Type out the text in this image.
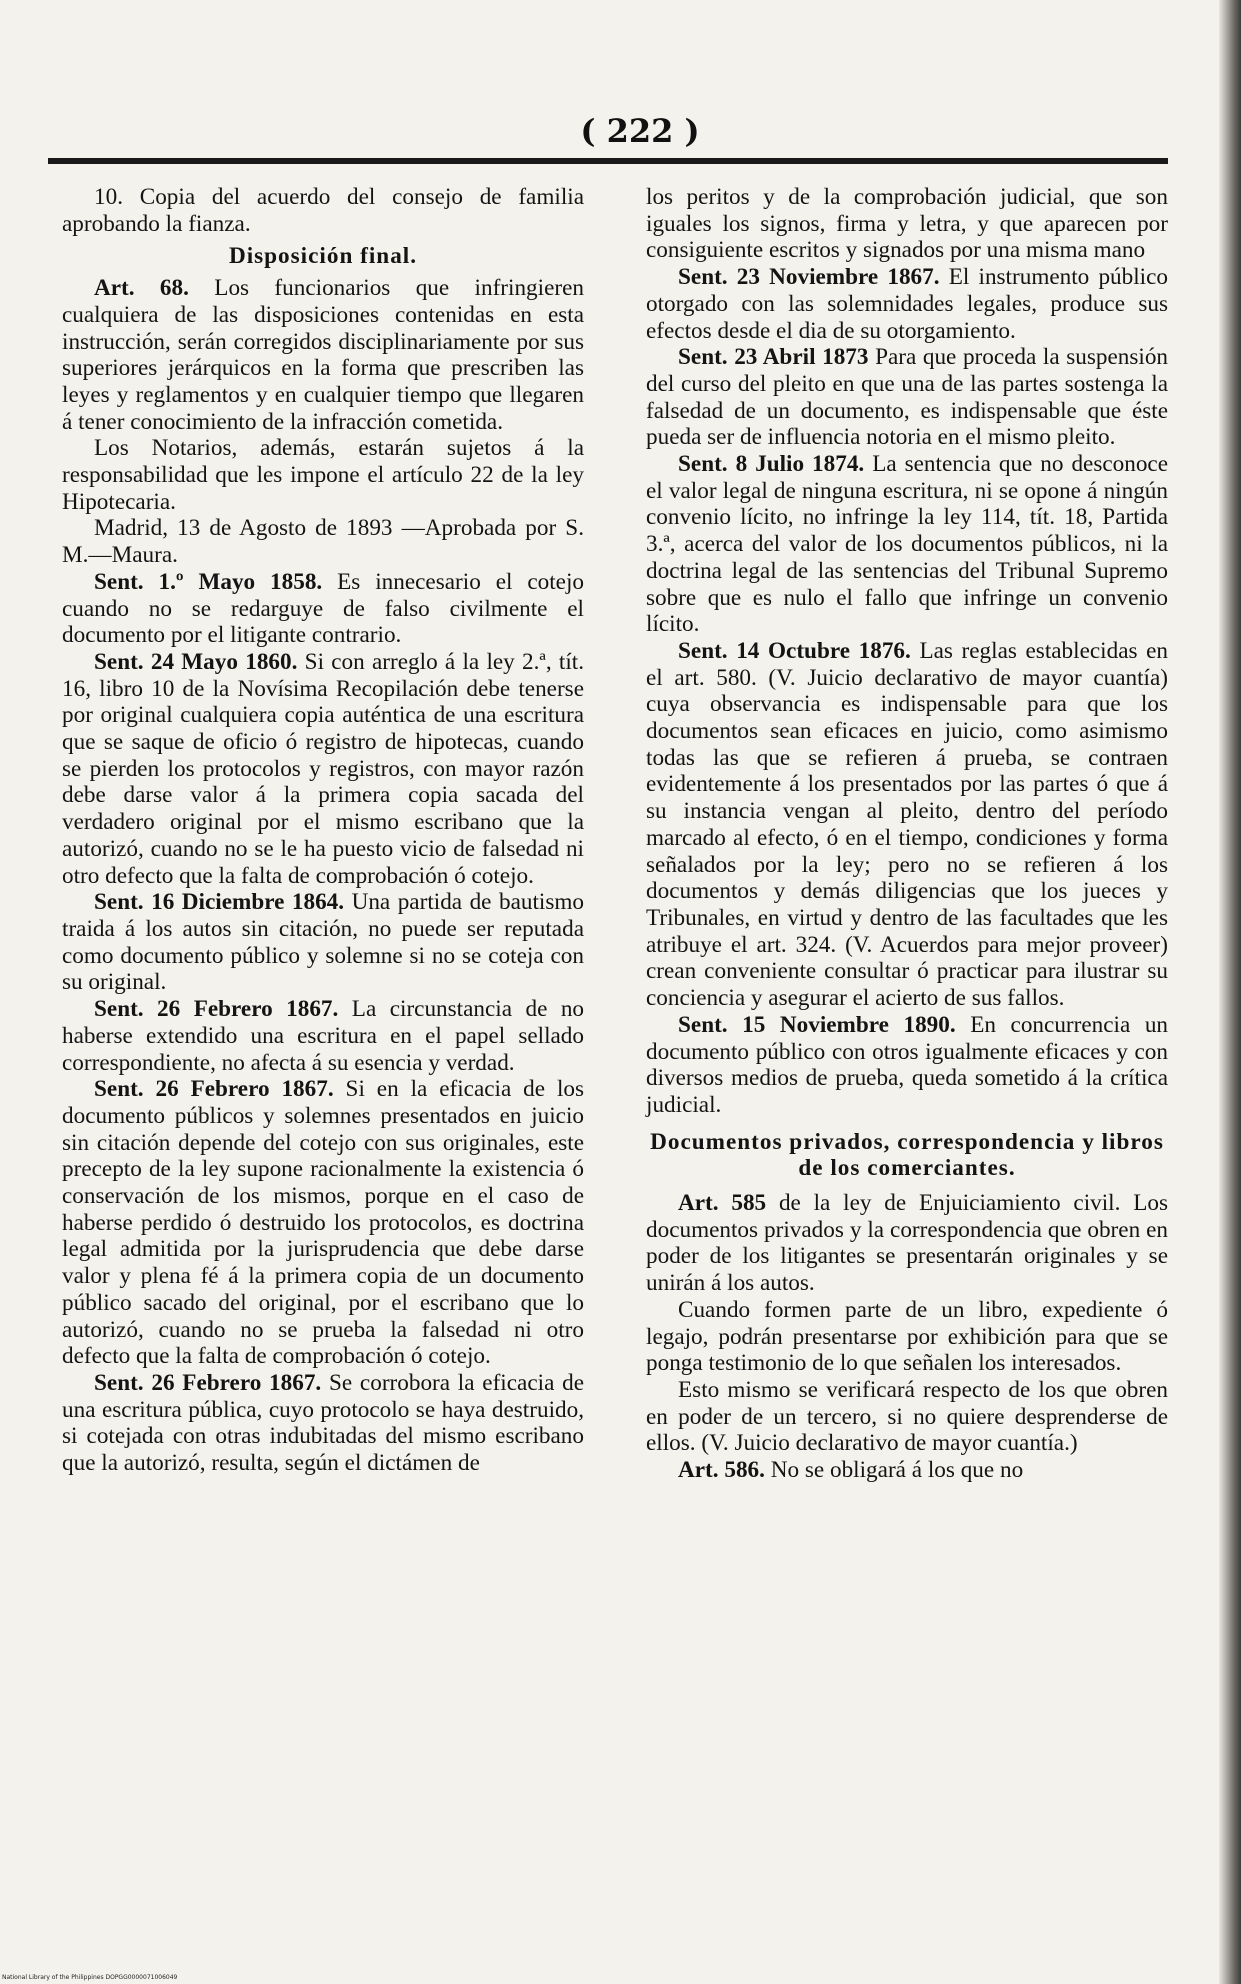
( 222 )

10. Copia del acuerdo del consejo de familia aprobando la fianza.

Disposición final.

Art. 68. Los funcionarios que infringieren cualquiera de las disposiciones contenidas en esta instrucción, serán corregidos disciplinariamente por sus superiores jerárquicos en la forma que prescriben las leyes y reglamentos y en cualquier tiempo que llegaren á tener conocimiento de la infracción cometida.

Los Notarios, además, estarán sujetos á la responsabilidad que les impone el artículo 22 de la ley Hipotecaria.

Madrid, 13 de Agosto de 1893 —Aprobada por S. M.—Maura.

Sent. 1.º Mayo 1858. Es innecesario el cotejo cuando no se redarguye de falso civilmente el documento por el litigante contrario.

Sent. 24 Mayo 1860. Si con arreglo á la ley 2.ª, tít. 16, libro 10 de la Novísima Recopilación debe tenerse por original cualquiera copia auténtica de una escritura que se saque de oficio ó registro de hipotecas, cuando se pierden los protocolos y registros, con mayor razón debe darse valor á la primera copia sacada del verdadero original por el mismo escribano que la autorizó, cuando no se le ha puesto vicio de falsedad ni otro defecto que la falta de comprobación ó cotejo.

Sent. 16 Diciembre 1864. Una partida de bautismo traida á los autos sin citación, no puede ser reputada como documento público y solemne si no se coteja con su original.

Sent. 26 Febrero 1867. La circunstancia de no haberse extendido una escritura en el papel sellado correspondiente, no afecta á su esencia y verdad.

Sent. 26 Febrero 1867. Si en la eficacia de los documento públicos y solemnes presentados en juicio sin citación depende del cotejo con sus originales, este precepto de la ley supone racionalmente la existencia ó conservación de los mismos, porque en el caso de haberse perdido ó destruido los protocolos, es doctrina legal admitida por la jurisprudencia que debe darse valor y plena fé á la primera copia de un documento público sacado del original, por el escribano que lo autorizó, cuando no se prueba la falsedad ni otro defecto que la falta de comprobación ó cotejo.

Sent. 26 Febrero 1867. Se corrobora la eficacia de una escritura pública, cuyo protocolo se haya destruido, si cotejada con otras indubitadas del mismo escribano que la autorizó, resulta, según el dictámen de

los peritos y de la comprobación judicial, que son iguales los signos, firma y letra, y que aparecen por consiguiente escritos y signados por una misma mano

Sent. 23 Noviembre 1867. El instrumento público otorgado con las solemnidades legales, produce sus efectos desde el dia de su otorgamiento.

Sent. 23 Abril 1873 Para que proceda la suspensión del curso del pleito en que una de las partes sostenga la falsedad de un documento, es indispensable que éste pueda ser de influencia notoria en el mismo pleito.

Sent. 8 Julio 1874. La sentencia que no desconoce el valor legal de ninguna escritura, ni se opone á ningún convenio lícito, no infringe la ley 114, tít. 18, Partida 3.ª, acerca del valor de los documentos públicos, ni la doctrina legal de las sentencias del Tribunal Supremo sobre que es nulo el fallo que infringe un convenio lícito.

Sent. 14 Octubre 1876. Las reglas establecidas en el art. 580. (V. Juicio declarativo de mayor cuantía) cuya observancia es indispensable para que los documentos sean eficaces en juicio, como asimismo todas las que se refieren á prueba, se contraen evidentemente á los presentados por las partes ó que á su instancia vengan al pleito, dentro del período marcado al efecto, ó en el tiempo, condiciones y forma señalados por la ley; pero no se refieren á los documentos y demás diligencias que los jueces y Tribunales, en virtud y dentro de las facultades que les atribuye el art. 324. (V. Acuerdos para mejor proveer) crean conveniente consultar ó practicar para ilustrar su conciencia y asegurar el acierto de sus fallos.

Sent. 15 Noviembre 1890. En concurrencia un documento público con otros igualmente eficaces y con diversos medios de prueba, queda sometido á la crítica judicial.

Documentos privados, correspondencia y libros de los comerciantes.

Art. 585 de la ley de Enjuiciamiento civil. Los documentos privados y la correspondencia que obren en poder de los litigantes se presentarán originales y se unirán á los autos.

Cuando formen parte de un libro, expediente ó legajo, podrán presentarse por exhibición para que se ponga testimonio de lo que señalen los interesados.

Esto mismo se verificará respecto de los que obren en poder de un tercero, si no quiere desprenderse de ellos. (V. Juicio declarativo de mayor cuantía.)

Art. 586. No se obligará á los que no

National Library of the Philippines DOPGG0000071006049
